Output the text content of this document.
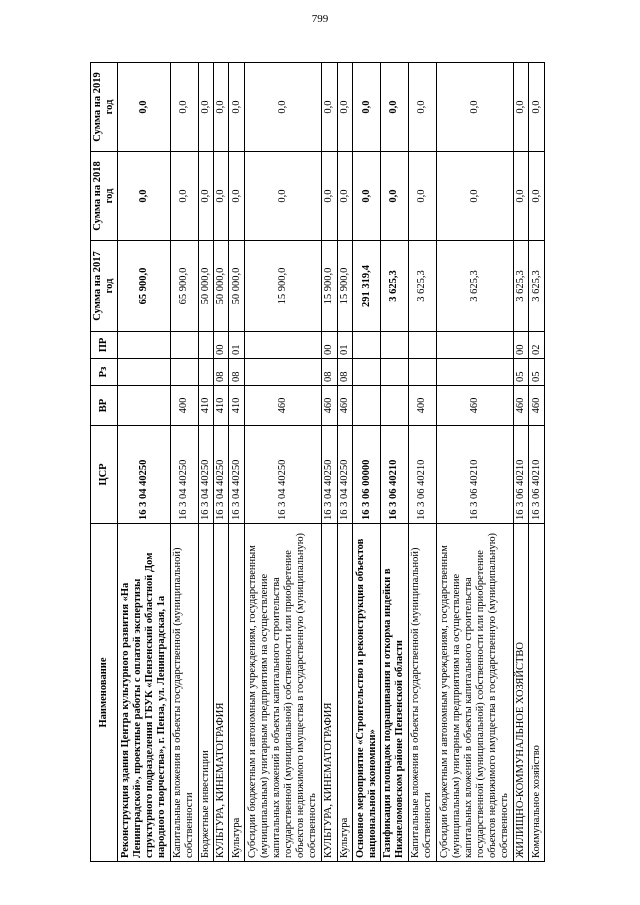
799
Наименование	ЦСР	ВР	Рз	ПР	Сумма на 2017 год	Сумма на 2018 год	Сумма на 2019 год
Реконструкция здания Центра культурного развития «На Ленинградской», проектные работы с оплатой экспертизы структурного подразделения ГБУК «Пензенский областной Дом народного творчества», г. Пенза, ул. Ленинградская, 1а	16 3 04 40250				65 900,0	0,0	0,0
Капитальные вложения в объекты государственной (муниципальной) собственности	16 3 04 40250	400			65 900,0	0,0	0,0
Бюджетные инвестиции	16 3 04 40250	410			50 000,0	0,0	0,0
КУЛЬТУРА, КИНЕМАТОГРАФИЯ	16 3 04 40250	410	08	00	50 000,0	0,0	0,0
Культура	16 3 04 40250	410	08	01	50 000,0	0,0	0,0
Субсидии бюджетным и автономным учреждениям, государственным (муниципальным) унитарным предприятиям на осуществление капитальных вложений в объекты капитального строительства государственной (муниципальной) собственности или приобретение объектов недвижимого имущества в государственную (муниципальную) собственность	16 3 04 40250	460			15 900,0	0,0	0,0
КУЛЬТУРА, КИНЕМАТОГРАФИЯ	16 3 04 40250	460	08	00	15 900,0	0,0	0,0
Культура	16 3 04 40250	460	08	01	15 900,0	0,0	0,0
Основное мероприятие «Строительство и реконструкция объектов национальной экономики»	16 3 06 00000				291 319,4	0,0	0,0
Газификация площадок подращивания и откорма индейки в Нижнеломовском районе Пензенской области	16 3 06 40210				3 625,3	0,0	0,0
Капитальные вложения в объекты государственной (муниципальной) собственности	16 3 06 40210	400			3 625,3	0,0	0,0
Субсидии бюджетным и автономным учреждениям, государственным (муниципальным) унитарным предприятиям на осуществление капитальных вложений в объекты капитального строительства государственной (муниципальной) собственности или приобретение объектов недвижимого имущества в государственную (муниципальную) собственность	16 3 06 40210	460			3 625,3	0,0	0,0
ЖИЛИЩНО-КОММУНАЛЬНОЕ ХОЗЯЙСТВО	16 3 06 40210	460	05	00	3 625,3	0,0	0,0
Коммунальное хозяйство	16 3 06 40210	460	05	02	3 625,3	0,0	0,0
